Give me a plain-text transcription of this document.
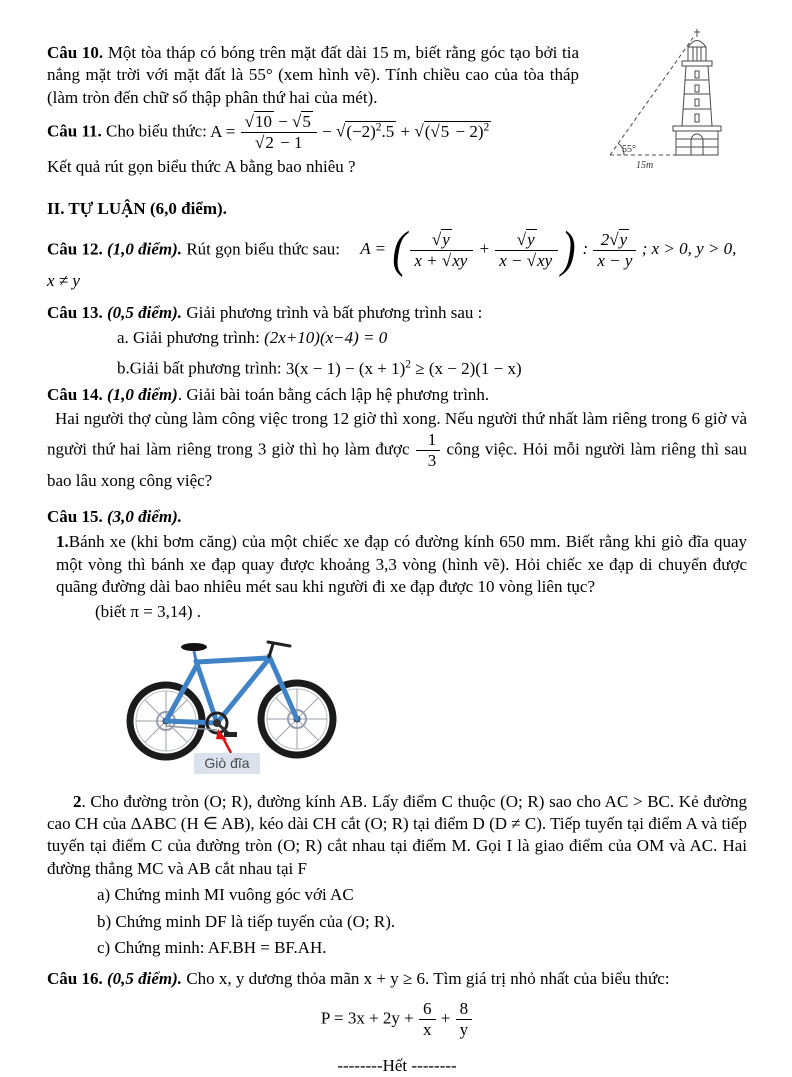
55°
15m
Câu 10. Một tòa tháp có bóng trên mặt đất dài 15 m, biết rằng góc tạo bởi tia nắng mặt trời với mặt đất là 55° (xem hình vẽ). Tính chiều cao của tòa tháp (làm tròn đến chữ số thập phân thứ hai của mét).
Câu 11. Cho biểu thức: $A = \frac{√10 - √5}{√2 - 1} - √(-2)^2.5 + √(√5 - 2)^2$
Kết quả rút gọn biểu thức A bằng bao nhiêu ?
II. TỰ LUẬN (6,0 điểm).
Câu 12. (1,0 điểm). Rút gọn biểu thức sau: A = ( $\frac{√y}{x + √xy} + \frac{√y}{x - √xy}$ ) : $\frac{2√y}{x - y}$ ; x > 0, y > 0, x ≠ y
Câu 13. (0,5 điểm). Giải phương trình và bất phương trình sau :
a. Giải phương trình: (2x+10)(x−4) = 0
b.Giải bất phương trình: $3(x - 1) - (x + 1)^2 \ge (x - 2)(1 - x)$
Câu 14. (1,0 điểm). Giải bài toán bằng cách lập hệ phương trình.
Hai người thợ cùng làm công việc trong 12 giờ thì xong. Nếu người thứ nhất làm riêng trong 6 giờ và người thứ hai làm riêng trong 3 giờ thì họ làm được $\frac{1}{3}$ công việc. Hỏi mỗi người làm riêng thì sau bao lâu xong công việc?
Câu 15. (3,0 điểm).
1.Bánh xe (khi bơm căng) của một chiếc xe đạp có đường kính 650 mm. Biết rằng khi giò đĩa quay một vòng thì bánh xe đạp quay được khoảng 3,3 vòng (hình vẽ). Hỏi chiếc xe đạp di chuyển được quãng đường dài bao nhiêu mét sau khi người đi xe đạp được 10 vòng liên tục?
(biết π = 3,14) .
Giò đĩa
2. Cho đường tròn (O; R), đường kính AB. Lấy điểm C thuộc (O; R) sao cho AC > BC. Kẻ đường cao CH của ΔABC (H ∈ AB), kéo dài CH cắt (O; R) tại điểm D (D ≠ C). Tiếp tuyến tại điểm A và tiếp tuyến tại điểm C của đường tròn (O; R) cắt nhau tại điểm M. Gọi I là giao điểm của OM và AC. Hai đường thẳng MC và AB cắt nhau tại F
a) Chứng minh MI vuông góc với AC
b) Chứng minh DF là tiếp tuyến của (O; R).
c) Chứng minh: AF.BH = BF.AH.
Câu 16. (0,5 điểm). Cho x, y dương thỏa mãn x + y ≥ 6. Tìm giá trị nhỏ nhất của biểu thức:
$P = 3x + 2y + \frac{6}{x} + \frac{8}{y}$
--------Hết --------
